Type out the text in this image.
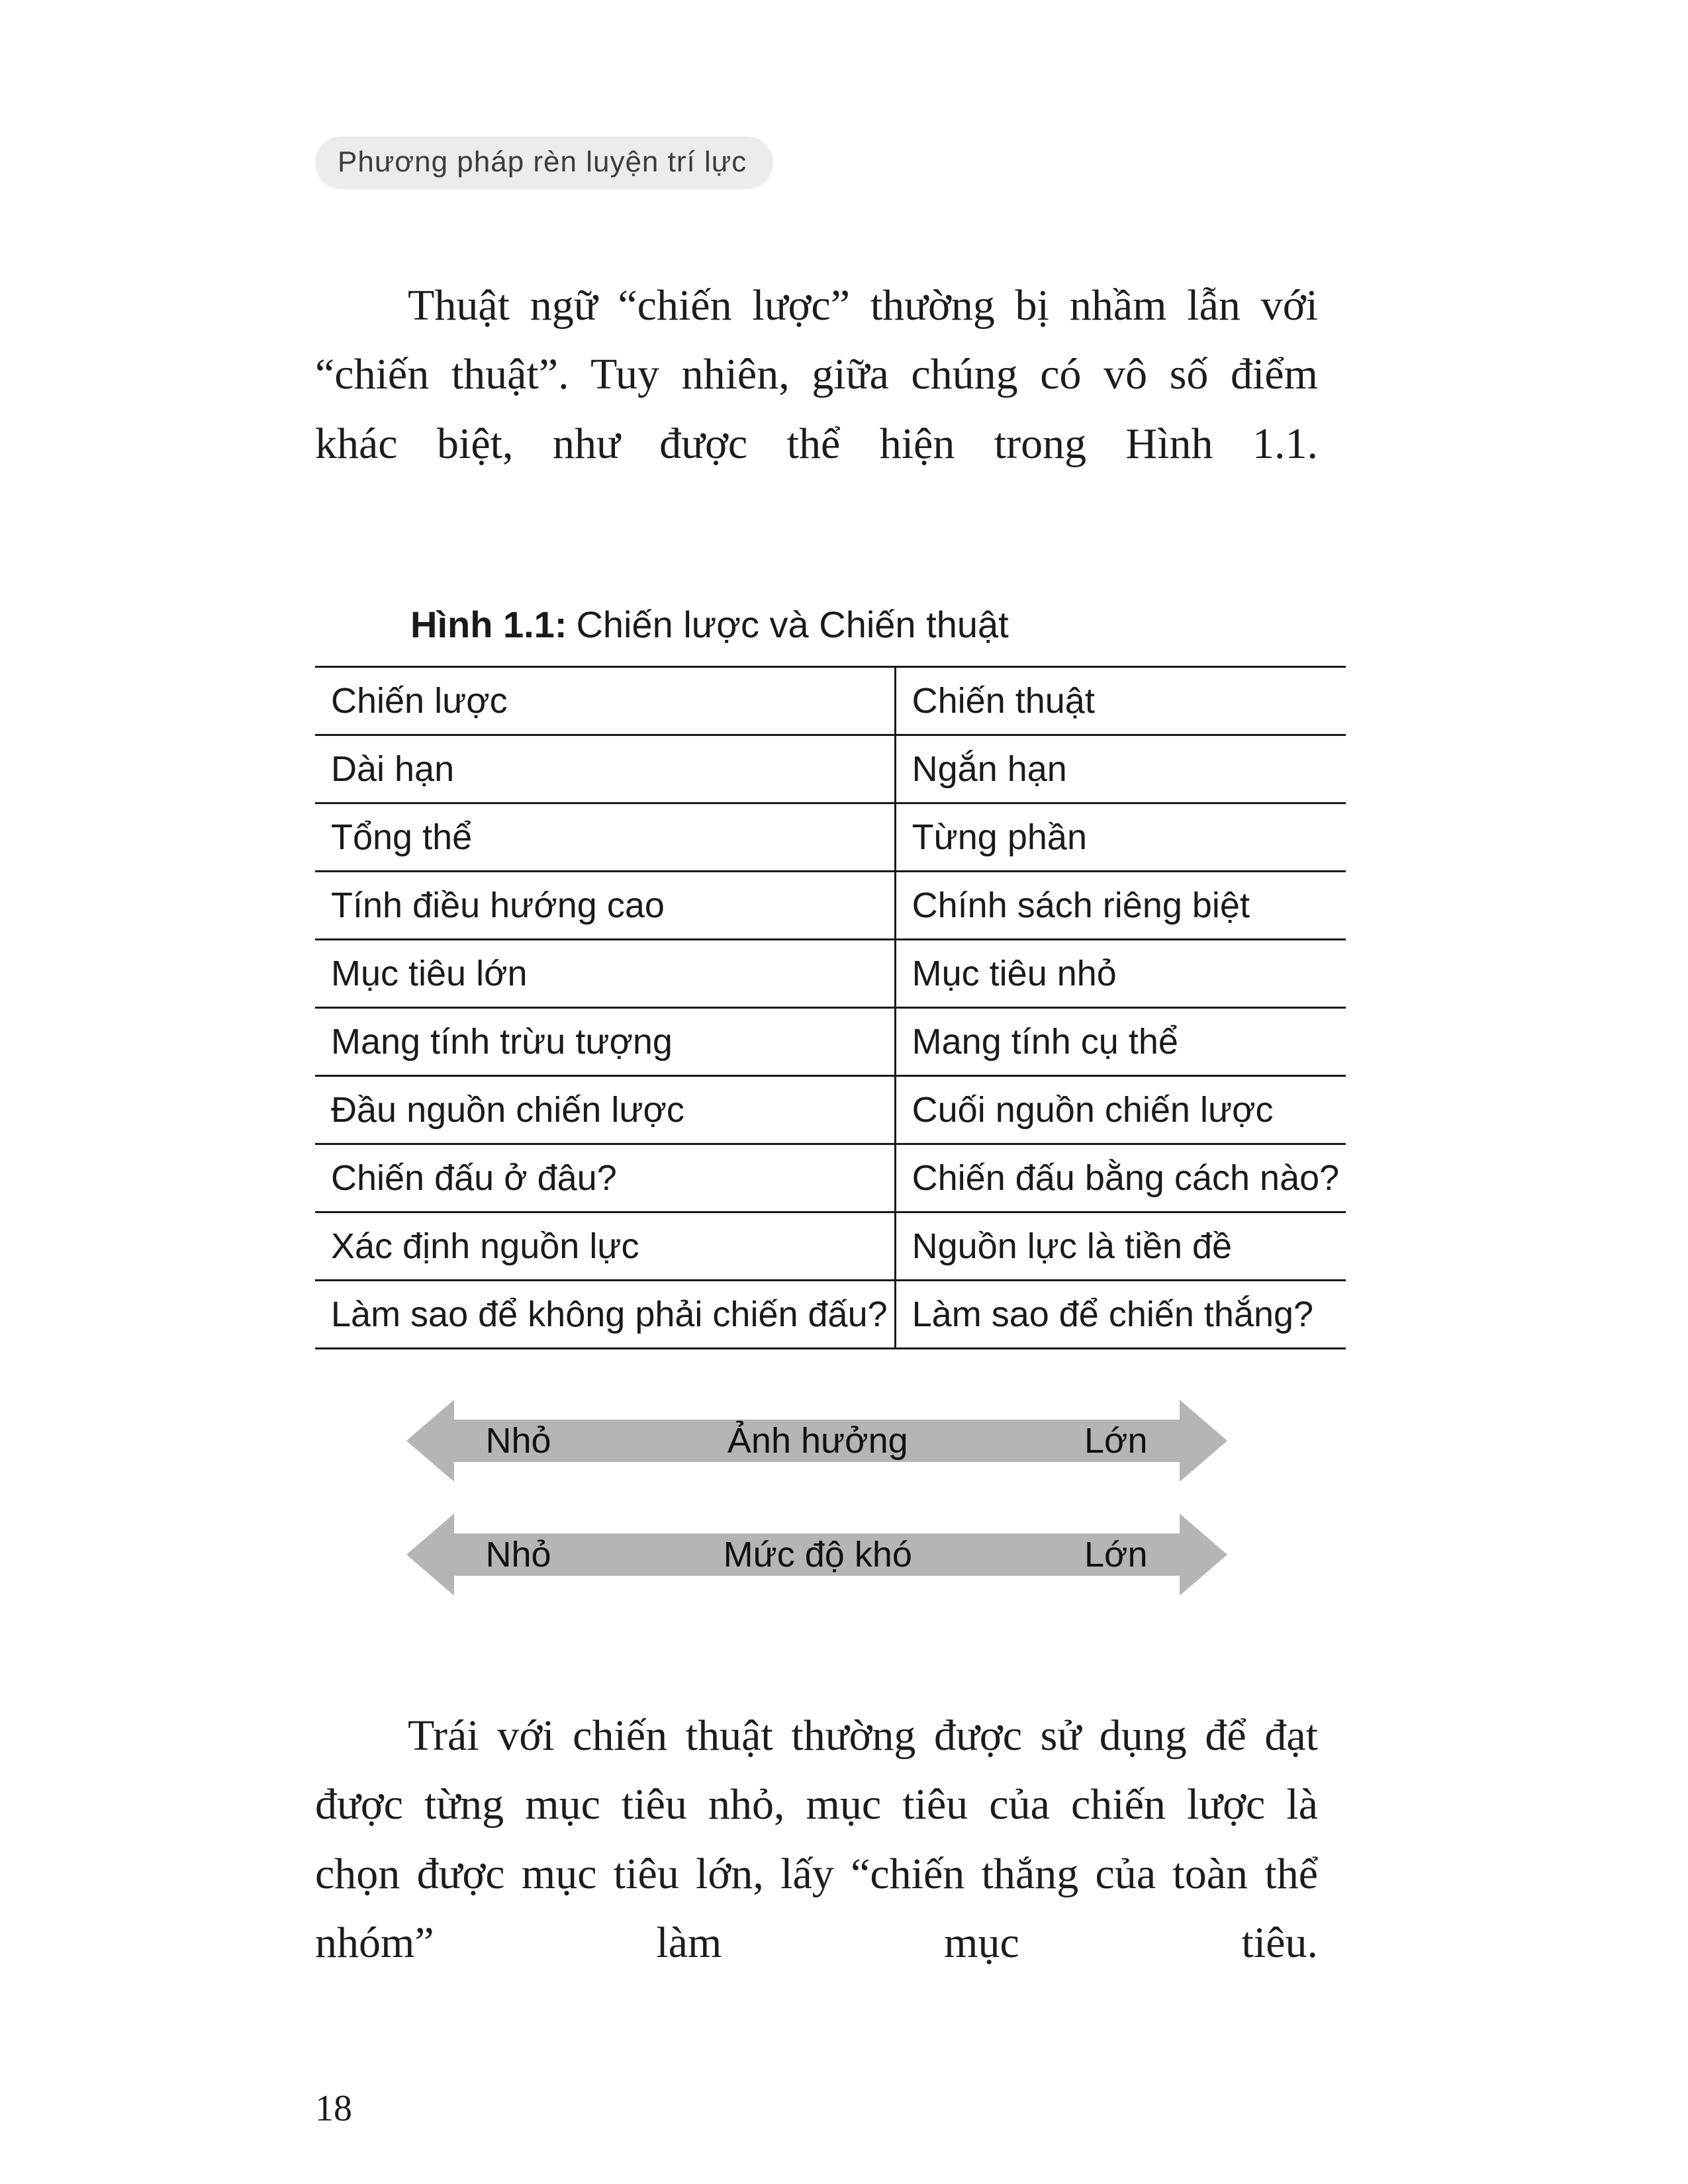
Phương pháp rèn luyện trí lực

Thuật ngữ “chiến lược” thường bị nhầm lẫn với “chiến thuật”. Tuy nhiên, giữa chúng có vô số điểm khác biệt, như được thể hiện trong Hình 1.1.

Hình 1.1: Chiến lược và Chiến thuật
Chiến lược	Chiến thuật
Dài hạn	Ngắn hạn
Tổng thể	Từng phần
Tính điều hướng cao	Chính sách riêng biệt
Mục tiêu lớn	Mục tiêu nhỏ
Mang tính trừu tượng	Mang tính cụ thể
Đầu nguồn chiến lược	Cuối nguồn chiến lược
Chiến đấu ở đâu?	Chiến đấu bằng cách nào?
Xác định nguồn lực	Nguồn lực là tiền đề
Làm sao để không phải chiến đấu?	Làm sao để chiến thắng?
Nhỏ	Ảnh hưởng	Lớn
Nhỏ	Mức độ khó	Lớn

Trái với chiến thuật thường được sử dụng để đạt được từng mục tiêu nhỏ, mục tiêu của chiến lược là chọn được mục tiêu lớn, lấy “chiến thắng của toàn thể nhóm” làm mục tiêu.

18
